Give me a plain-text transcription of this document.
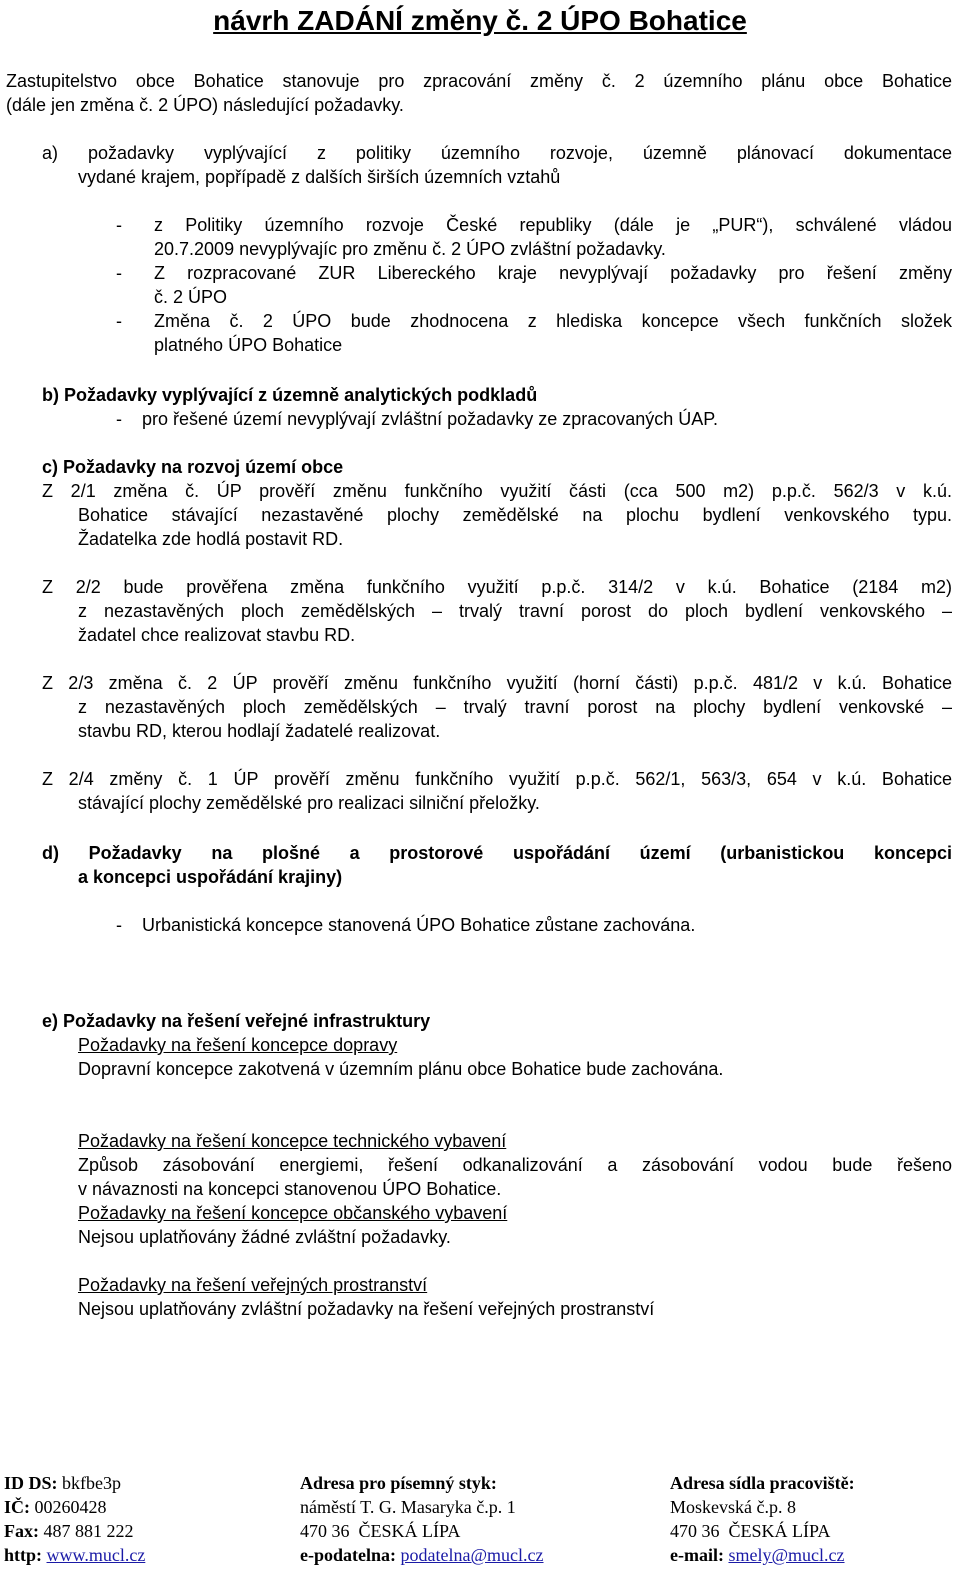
návrh ZADÁNÍ změny č. 2 ÚPO Bohatice
Zastupitelstvo obce Bohatice stanovuje pro zpracování změny č. 2 územního plánu obce Bohatice
(dále jen změna č. 2 ÚPO) následující požadavky.
a) požadavky vyplývající z politiky územního rozvoje, územně plánovací dokumentace
vydané krajem, popřípadě z dalších širších územních vztahů
- z Politiky územního rozvoje České republiky (dále je „PUR“), schválené vládou
20.7.2009 nevyplývajíc pro změnu č. 2 ÚPO zvláštní požadavky.
- Z rozpracované ZUR Libereckého kraje nevyplývají požadavky pro řešení změny
č. 2 ÚPO
- Změna č. 2 ÚPO bude zhodnocena z hlediska koncepce všech funkčních složek
platného ÚPO Bohatice
b) Požadavky vyplývající z územně analytických podkladů
-    pro řešené území nevyplývají zvláštní požadavky ze zpracovaných ÚAP.
c) Požadavky na rozvoj území obce
Z 2/1 změna č. ÚP prověří změnu funkčního využití části (cca 500 m2) p.p.č. 562/3 v k.ú.
Bohatice stávající nezastavěné plochy zemědělské na plochu bydlení venkovského typu.
Žadatelka zde hodlá postavit RD.
Z 2/2 bude prověřena změna funkčního využití p.p.č. 314/2 v k.ú. Bohatice (2184 m2)
z nezastavěných ploch zemědělských – trvalý travní porost do ploch bydlení venkovského –
žadatel chce realizovat stavbu RD.
Z 2/3 změna č. 2 ÚP prověří změnu funkčního využití (horní části) p.p.č. 481/2 v k.ú. Bohatice
z nezastavěných ploch zemědělských – trvalý travní porost na plochy bydlení venkovské –
stavbu RD, kterou hodlají žadatelé realizovat.
Z 2/4 změny č. 1 ÚP prověří změnu funkčního využití p.p.č. 562/1, 563/3, 654 v k.ú. Bohatice
stávající plochy zemědělské pro realizaci silniční přeložky.
d) Požadavky na plošné a prostorové uspořádání území (urbanistickou koncepci
a koncepci uspořádání krajiny)
-    Urbanistická koncepce stanovená ÚPO Bohatice zůstane zachována.
e) Požadavky na řešení veřejné infrastruktury
Požadavky na řešení koncepce dopravy
Dopravní koncepce zakotvená v územním plánu obce Bohatice bude zachována.
Požadavky na řešení koncepce technického vybavení
Způsob zásobování energiemi, řešení odkanalizování a zásobování vodou bude řešeno
v návaznosti na koncepci stanovenou ÚPO Bohatice.
Požadavky na řešení koncepce občanského vybavení
Nejsou uplatňovány žádné zvláštní požadavky.
Požadavky na řešení veřejných prostranství
Nejsou uplatňovány zvláštní požadavky na řešení veřejných prostranství
ID DS: bkfbe3p
IČ: 00260428
Fax: 487 881 222
http: www.mucl.cz
Adresa pro písemný styk:
náměstí T. G. Masaryka č.p. 1
470 36  ČESKÁ LÍPA
e-podatelna: podatelna@mucl.cz
Adresa sídla pracoviště:
Moskevská č.p. 8
470 36  ČESKÁ LÍPA
e-mail: smely@mucl.cz
